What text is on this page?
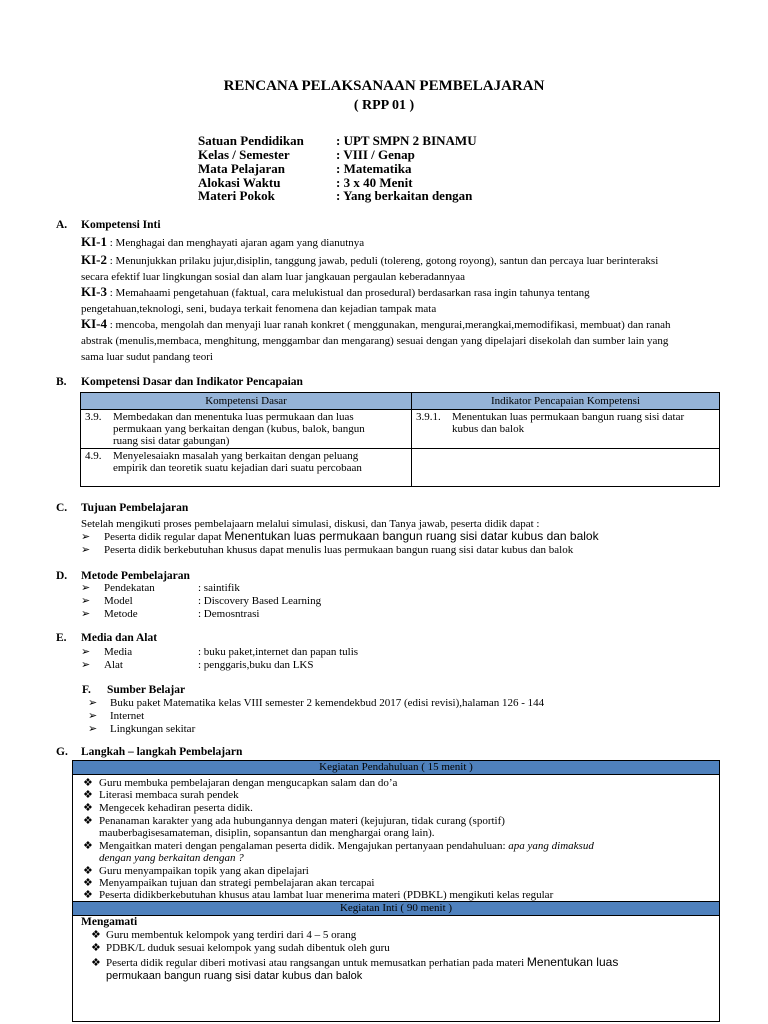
RENCANA PELAKSANAAN PEMBELAJARAN
( RPP 01 )
Satuan Pendidikan : UPT SMPN 2 BINAMU
Kelas / Semester	: VIII / Genap
Mata Pelajaran	: Matematika
Alokasi Waktu	: 3 x 40 Menit
Materi Pokok	: Yang berkaitan dengan
A. Kompetensi Inti
KI-1 : Menghagai dan menghayati ajaran agam yang dianutnya
KI-2 : Menunjukkan prilaku jujur,disiplin, tanggung jawab, peduli (tolereng, gotong royong), santun dan percaya luar berinteraksi secara efektif luar lingkungan sosial dan alam luar jangkauan pergaulan keberadannyaa
KI-3 : Memahaami pengetahuan (faktual, cara melukistual dan prosedural) berdasarkan rasa ingin tahunya tentang pengetahuan,teknologi, seni, budaya terkait fenomena dan kejadian tampak mata
KI-4 : mencoba, mengolah dan menyaji luar ranah konkret ( menggunakan, mengurai,merangkai,memodifikasi, membuat) dan ranah abstrak (menulis,membaca, menghitung, menggambar dan mengarang) sesuai dengan yang dipelajari disekolah dan sumber lain yang sama luar sudut pandang teori
B. Kompetensi Dasar dan Indikator Pencapaian
Kompetensi Dasar	Indikator Pencapaian Kompetensi
3.9. Membedakan dan menentuka luas permukaan dan luas permukaan yang berkaitan dengan (kubus, balok, bangun ruang sisi datar gabungan)	3.9.1. Menentukan luas permukaan bangun ruang sisi datar kubus dan balok
4.9. Menyelesaiakn masalah yang berkaitan dengan peluang empirik dan teoretik suatu kejadian dari suatu percobaan	
C. Tujuan Pembelajaran
Setelah mengikuti proses pembelajaarn melalui simulasi, diskusi, dan Tanya jawab, peserta didik dapat :
➢ Peserta didik regular dapat Menentukan luas permukaan bangun ruang sisi datar kubus dan balok
➢ Peserta didik berkebutuhan khusus dapat menulis luas permukaan bangun ruang sisi datar kubus dan balok
D. Metode Pembelajaran
➢ Pendekatan	: saintifik
➢ Model	: Discovery Based Learning
➢ Metode	: Demosntrasi
E. Media dan Alat
➢ Media	: buku paket,internet dan papan tulis
➢ Alat	: penggaris,buku dan LKS
F. Sumber Belajar
➢ Buku paket Matematika kelas VIII semester 2 kemendekbud 2017 (edisi revisi),halaman 126 - 144
➢ Internet
➢ Lingkungan sekitar
G. Langkah – langkah Pembelajarn
Kegiatan Pendahuluan ( 15 menit )
❖ Guru membuka pembelajaran dengan mengucapkan salam dan do’a
❖ Literasi membaca surah pendek
❖ Mengecek kehadiran peserta didik.
❖ Penanaman karakter yang ada hubungannya dengan materi (kejujuran, tidak curang (sportif)
mauberbagisesamateman, disiplin, sopansantun dan menghargai orang lain).
❖ Mengaitkan materi dengan pengalaman peserta didik. Mengajukan pertanyaan pendahuluan: apa yang dimaksud
dengan yang berkaitan dengan ?
❖ Guru menyampaikan topik yang akan dipelajari
❖ Menyampaikan tujuan dan strategi pembelajaran akan tercapai
❖ Peserta didikberkebutuhan khusus atau lambat luar menerima materi (PDBKL) mengikuti kelas regular
Kegiatan Inti ( 90 menit )
Mengamati
❖ Guru membentuk kelompok yang terdiri dari 4 – 5 orang
❖ PDBK/L duduk sesuai kelompok yang sudah dibentuk oleh guru
❖ Peserta didik regular diberi motivasi atau rangsangan untuk memusatkan perhatian pada materi Menentukan luas
permukaan bangun ruang sisi datar kubus dan balok
